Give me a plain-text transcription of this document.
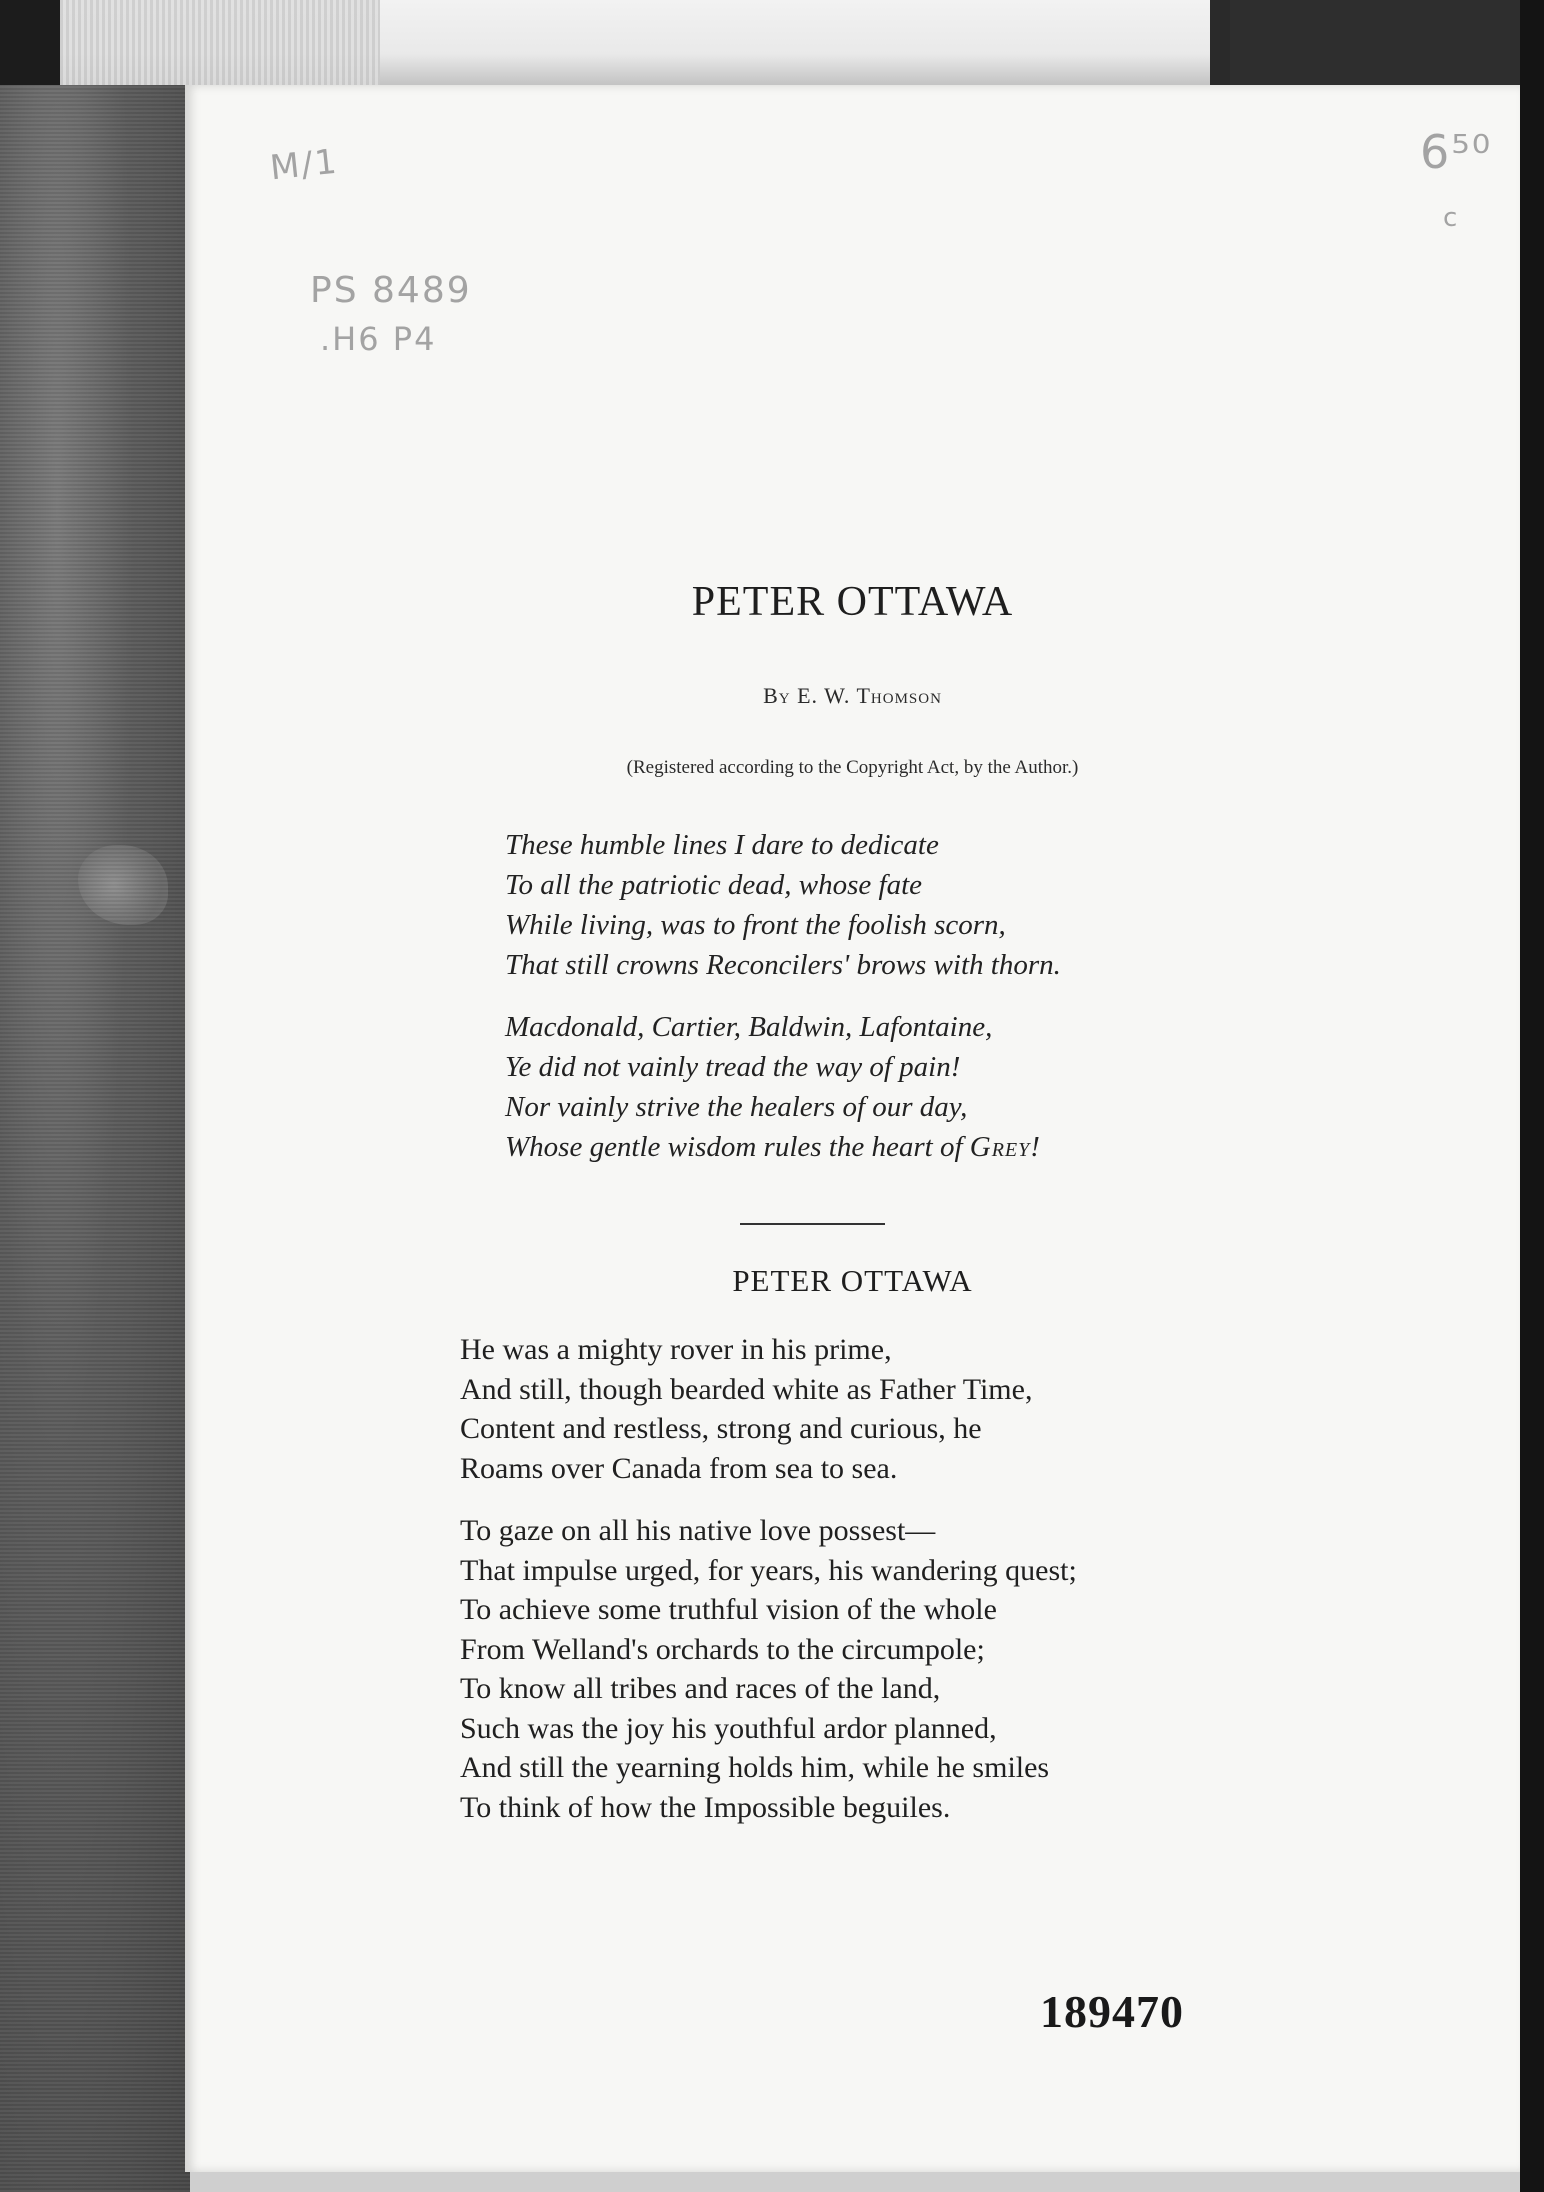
M/1	6⁵⁰
c
PS 8489
.H6 P4
PETER OTTAWA
By E. W. Thomson
(Registered according to the Copyright Act, by the Author.)
These humble lines I dare to dedicate
To all the patriotic dead, whose fate
While living, was to front the foolish scorn,
That still crowns Reconcilers' brows with thorn.
Macdonald, Cartier, Baldwin, Lafontaine,
Ye did not vainly tread the way of pain!
Nor vainly strive the healers of our day,
Whose gentle wisdom rules the heart of Grey!
PETER OTTAWA
He was a mighty rover in his prime,
And still, though bearded white as Father Time,
Content and restless, strong and curious, he
Roams over Canada from sea to sea.
To gaze on all his native love possest—
That impulse urged, for years, his wandering quest;
To achieve some truthful vision of the whole
From Welland's orchards to the circumpole;
To know all tribes and races of the land,
Such was the joy his youthful ardor planned,
And still the yearning holds him, while he smiles
To think of how the Impossible beguiles.
189470
